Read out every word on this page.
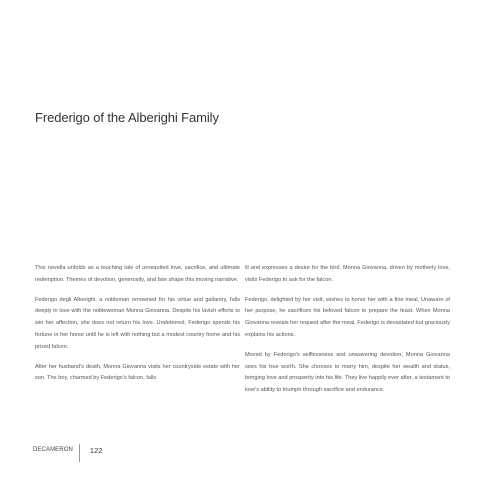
Frederigo of the Alberighi Family

This novella unfolds as a touching tale of unrequited love, sacrifice, and ultimate redemption. Themes of devotion, generosity, and fate shape this moving narrative.

Federigo degli Alberighi, a nobleman renowned for his virtue and gallantry, falls deeply in love with the noblewoman Monna Giovanna. Despite his lavish efforts to win her affection, she does not return his love. Undeterred, Federigo spends his fortune in her honor until he is left with nothing but a modest country home and his prized falcon.

After her husband's death, Monna Giovanna visits her countryside estate with her son. The boy, charmed by Federigo's falcon, falls

ill and expresses a desire for the bird. Monna Giovanna, driven by motherly love, visits Federigo to ask for the falcon.

Federigo, delighted by her visit, wishes to honor her with a fine meal. Unaware of her purpose, he sacrifices his beloved falcon to prepare the feast. When Monna Giovanna reveals her request after the meal, Federigo is devastated but graciously explains his actions.

Moved by Federigo's selflessness and unwavering devotion, Monna Giovanna sees his true worth. She chooses to marry him, despite her wealth and status, bringing love and prosperity into his life. They live happily ever after, a testament to love's ability to triumph through sacrifice and endurance.

DECAMERON 122
